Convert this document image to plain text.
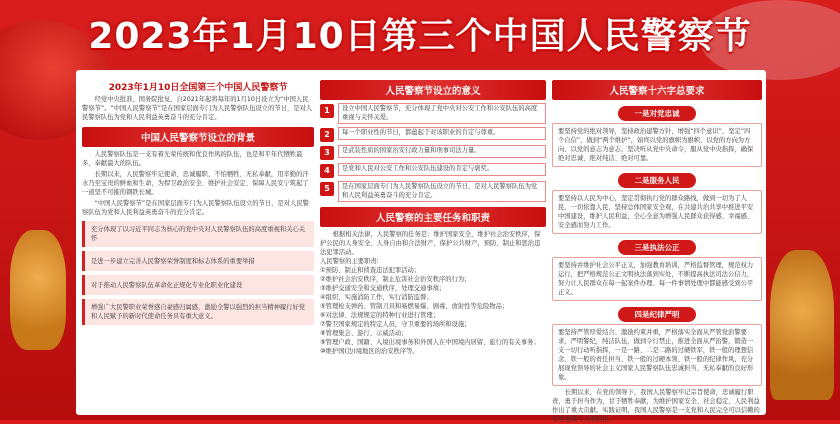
2023年1月10日第三个中国人民警察节
2023年1月10日全国第三个中国人民警察节
经党中央批准、国务院批复，自2021年起将每年的1月10日设立为“中国人民警察节”。“中国人民警察节”是在国家层面专门为人民警察队伍设立的节日，是对人民警察队伍为党和人民利益英勇奋斗的充分肯定。
中国人民警察节设立的背景
人民警察队伍是一支有着光荣传统和优良作风的队伍，也是和平年代牺牲最多、奉献最大的队伍。
长期以来，人民警察牢记使命、忠诚履职，不怕牺牲、无私奉献，用辛勤的汗水乃至宝贵的鲜血和生命，为捍卫政治安全、维护社会安定、保障人民安宁筑起了一道坚不可摧的钢铁长城。
“中国人民警察节”是在国家层面专门为人民警察队伍设立的节日，是对人民警察队伍为党和人民利益英勇奋斗的充分肯定。
充分体现了以习近平同志为核心的党中央对人民警察队伍的高度重视和关心关怀
是进一步建立完善人民警察荣誉制度和标志体系的重要举措
对于推动人民警察队伍革命化正规化专业化职业化建设
增强广大民警职业荣誉感自豪感归属感，激励全警以强烈的担当精神履行好党和人民赋予的新时代使命任务具有重大意义。
人民警察节设立的意义
1	设立中国人民警察节，充分体现了党中央对公安工作和公安队伍的高度重视与关怀关爱。
2	每一个职业性的节日，都蕴起于对该职业的肯定与尊重。
3	是武装性质的国家治安行政力量和刑事司法力量。
4	是党和人民对公安工作和公安队伍建设的肯定与褒奖。
5	是在国家层面专门为人民警察队伍设立的节日，是对人民警察队伍为党和人民利益英勇奋斗的充分肯定。
人民警察的主要任务和职责
根据相关法律，人民警察的任务是：维护国家安全，维护社会治安秩序，保护公民的人身安全、人身自由和合法财产，保护公共财产，预防、制止和惩治违法犯罪活动。
人民警察的主要职责:
①预防、制止和侦查违法犯罪活动；
②维护社会治安秩序，制止危害社会治安秩序的行为；
③维护交通安全和交通秩序，处理交通事故；
④组织、实施消防工作，实行消防监督；
⑤管理枪支弹药、管制刀具和易燃易爆、剧毒、放射性等危险物品；
⑥对法律、法规规定的特种行业进行管理；
⑦警卫国家规定的特定人员，守卫重要的场所和设施；
⑧管理集会、游行、示威活动；
⑨管理户政、国籍、入境出境事务和外国人在中国境内居留、旅行的有关事务；
⑩维护国(边)境地区的治安秩序等。
人民警察十六字总要求
一是对党忠诚
要坚持党的绝对领导，坚持政治建警方针，增强“四个意识”，坚定“四个自信”，做到“两个维护”，始终以党的旗帜为旗帜、以党的方向为方向、以党的意志为意志，坚决听从党中央命令，服从党中央指挥，确保绝对忠诚、绝对纯洁、绝对可靠。
二是服务人民
要坚持以人民为中心，坚定贯彻执行党的群众路线，做到一切为了人民、一切依靠人民，坚持总体国家安全观，在共建共治共享中推进平安中国建设，维护人民利益，全心全意为增强人民群众获得感、幸福感、安全感而努力工作。
三是执法公正
要坚持并维护社会公平正义，加强教育培训，严格监督管理，规范权力运行，把严格规范公正文明执法落到实处，不断提高执法司法公信力，努力让人民群众在每一起案件办理、每一件事情处理中都能感受到公平正义。
四是纪律严明
要坚持严管厚爱结合、激励约束并重，严格落实全面从严管党治警要求，严明警纪，纯洁队伍，做到令行禁止，推进全面从严治警，锻造一支一切行动听指挥，一是一路、二是二路的过硬铁军，铁一般的理想信念、铁一般的责任担当、铁一般的过硬本领、铁一般的纪律作风，充分展现党领导的社会主义国家人民警察队伍忠诚担当、无私奉献的良好形象。
长期以来，在党的领导下，我国人民警察牢记宗旨使命，忠诚履行职责，勇于担当作为，甘于牺牲奉献，为维护国家安全、社会稳定、人民利益作出了重大贡献。实践证明，我国人民警察是一支党和人民完全可以信赖的有至强战斗力的队伍。
